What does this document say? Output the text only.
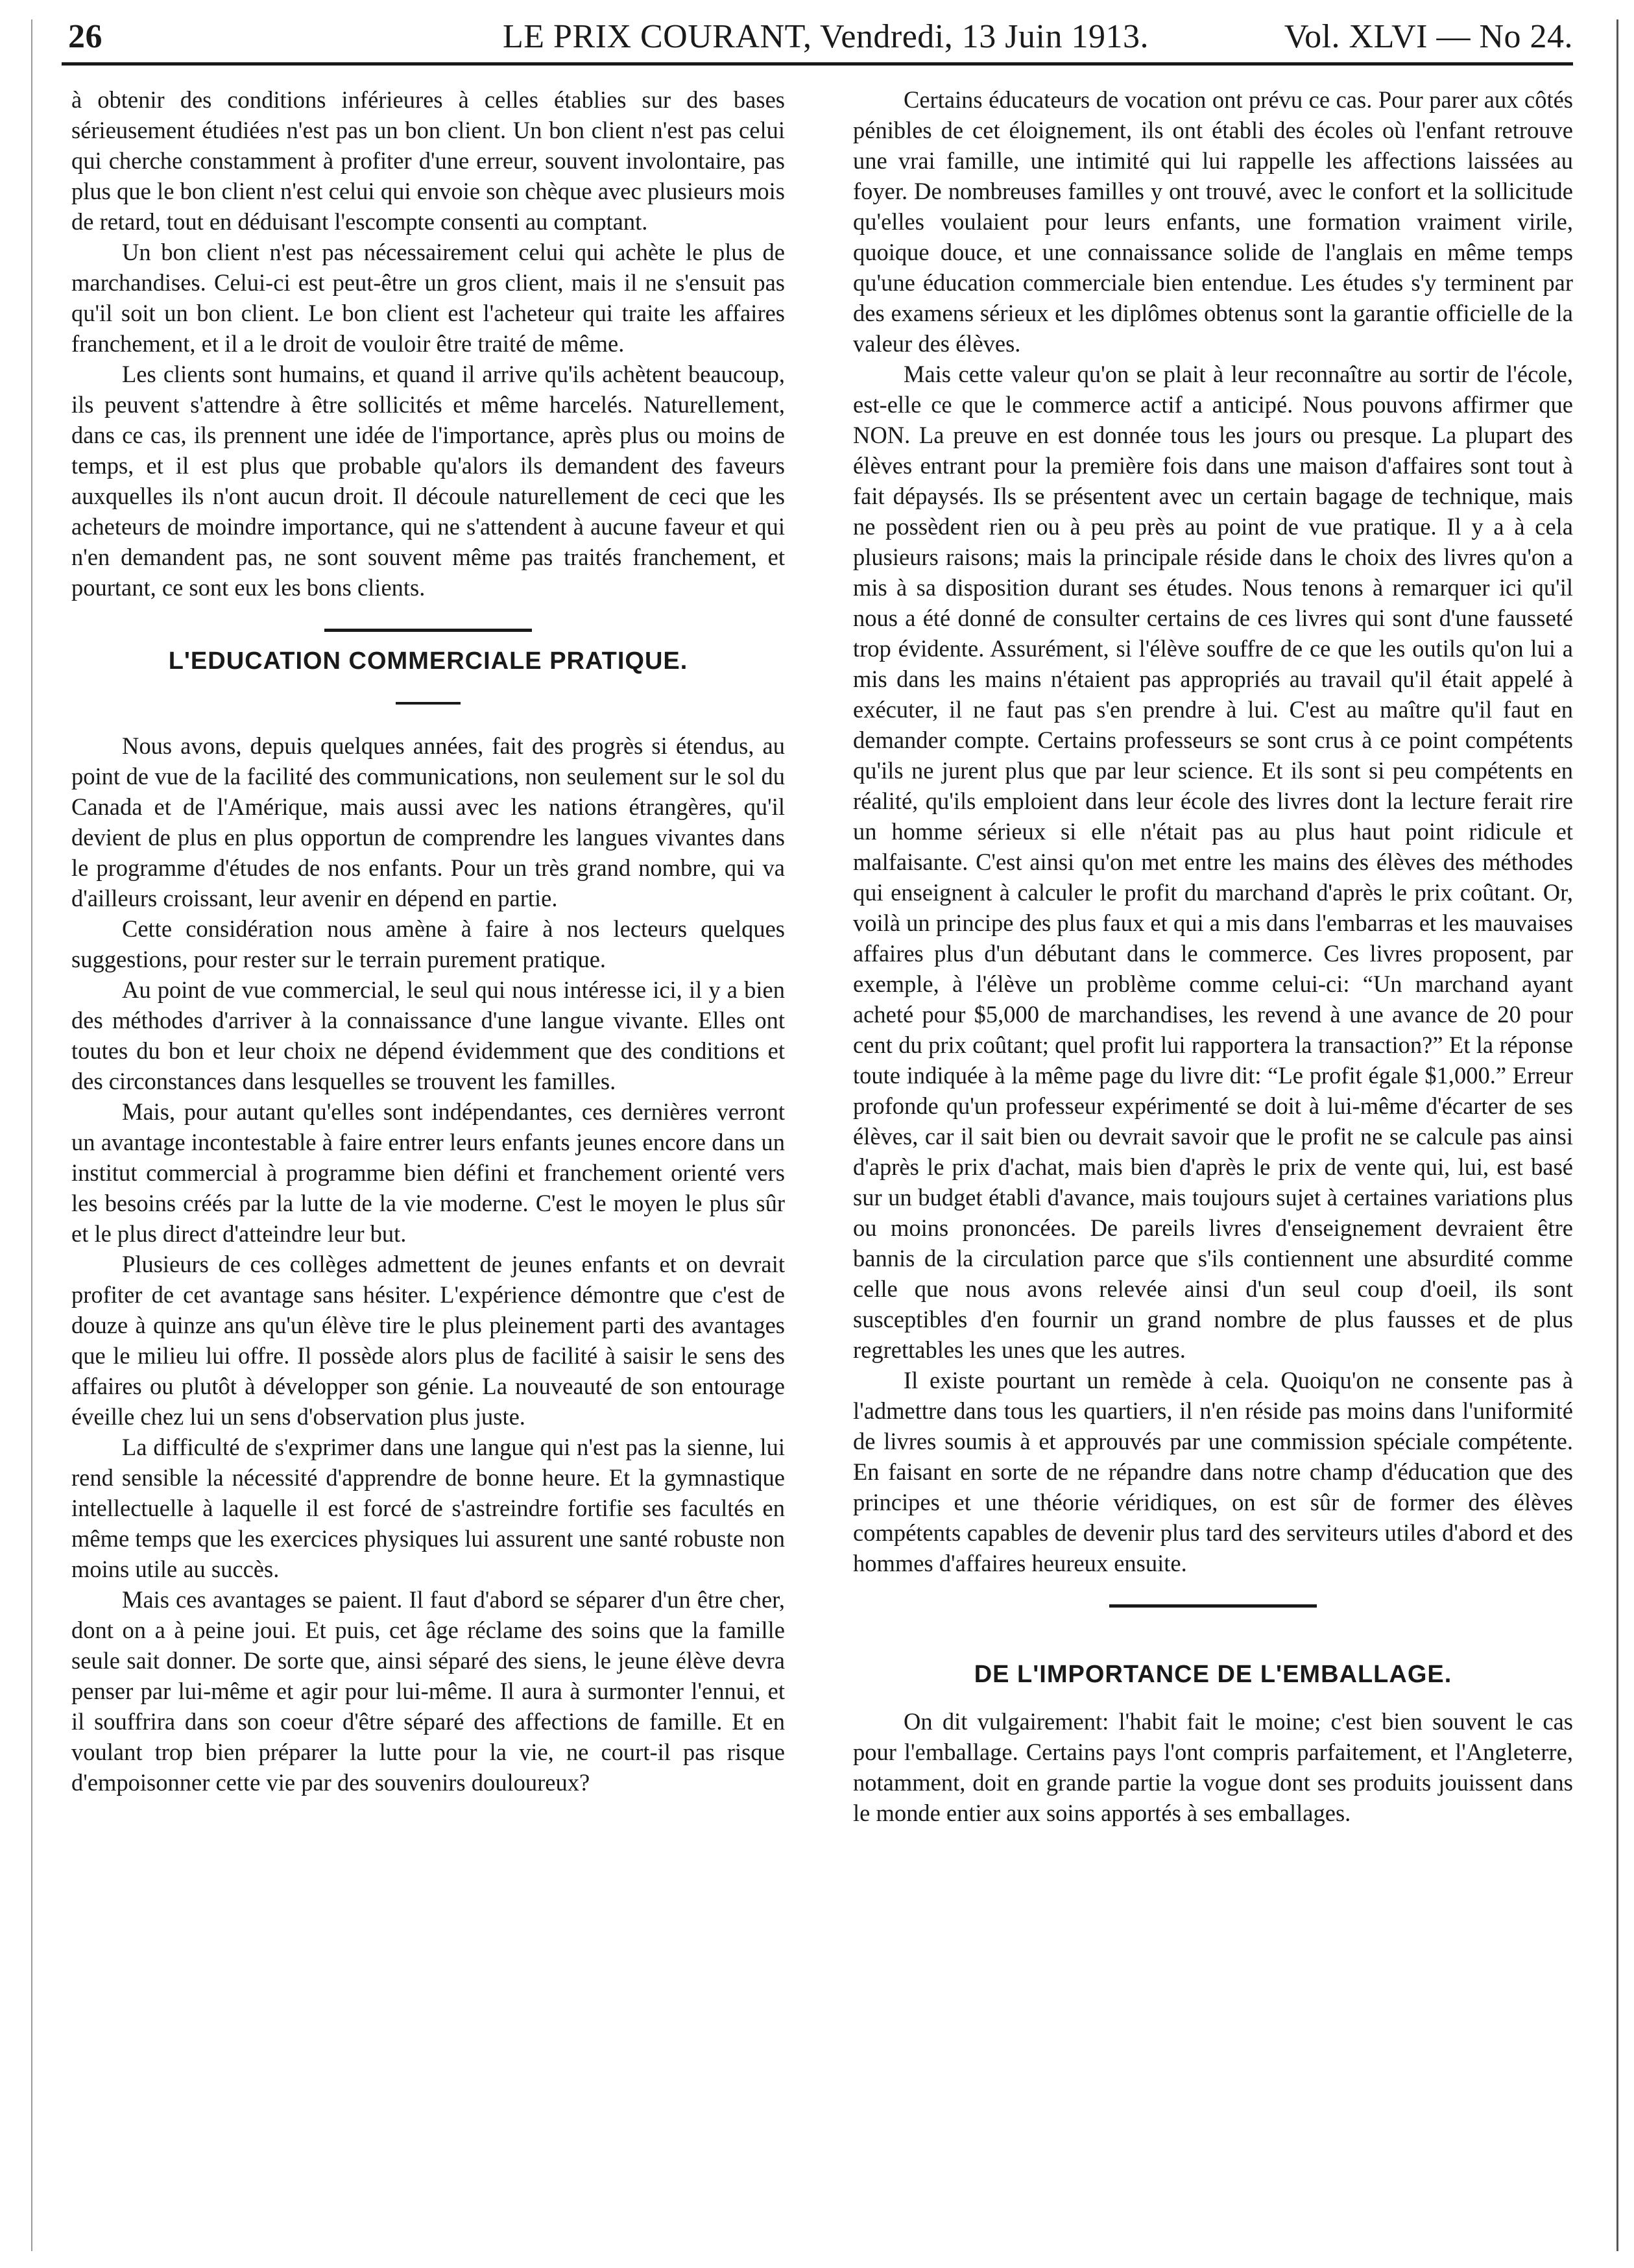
26	LE PRIX COURANT, Vendredi, 13 Juin 1913.	Vol. XLVI — No 24.

à obtenir des conditions inférieures à celles établies sur des bases sérieusement étudiées n'est pas un bon client. Un bon client n'est pas celui qui cherche constamment à profiter d'une erreur, souvent involontaire, pas plus que le bon client n'est celui qui envoie son chèque avec plusieurs mois de retard, tout en déduisant l'escompte consenti au comptant.

Un bon client n'est pas nécessairement celui qui achète le plus de marchandises. Celui-ci est peut-être un gros client, mais il ne s'ensuit pas qu'il soit un bon client. Le bon client est l'acheteur qui traite les affaires franchement, et il a le droit de vouloir être traité de même.

Les clients sont humains, et quand il arrive qu'ils achètent beaucoup, ils peuvent s'attendre à être sollicités et même harcelés. Naturellement, dans ce cas, ils prennent une idée de l'importance, après plus ou moins de temps, et il est plus que probable qu'alors ils demandent des faveurs auxquelles ils n'ont aucun droit. Il découle naturellement de ceci que les acheteurs de moindre importance, qui ne s'attendent à aucune faveur et qui n'en demandent pas, ne sont souvent même pas traités franchement, et pourtant, ce sont eux les bons clients.

L'EDUCATION COMMERCIALE PRATIQUE.

Nous avons, depuis quelques années, fait des progrès si étendus, au point de vue de la facilité des communications, non seulement sur le sol du Canada et de l'Amérique, mais aussi avec les nations étrangères, qu'il devient de plus en plus opportun de comprendre les langues vivantes dans le programme d'études de nos enfants. Pour un très grand nombre, qui va d'ailleurs croissant, leur avenir en dépend en partie.

Cette considération nous amène à faire à nos lecteurs quelques suggestions, pour rester sur le terrain purement pratique.

Au point de vue commercial, le seul qui nous intéresse ici, il y a bien des méthodes d'arriver à la connaissance d'une langue vivante. Elles ont toutes du bon et leur choix ne dépend évidemment que des conditions et des circonstances dans lesquelles se trouvent les familles.

Mais, pour autant qu'elles sont indépendantes, ces dernières verront un avantage incontestable à faire entrer leurs enfants jeunes encore dans un institut commercial à programme bien défini et franchement orienté vers les besoins créés par la lutte de la vie moderne. C'est le moyen le plus sûr et le plus direct d'atteindre leur but.

Plusieurs de ces collèges admettent de jeunes enfants et on devrait profiter de cet avantage sans hésiter. L'expérience démontre que c'est de douze à quinze ans qu'un élève tire le plus pleinement parti des avantages que le milieu lui offre. Il possède alors plus de facilité à saisir le sens des affaires ou plutôt à développer son génie. La nouveauté de son entourage éveille chez lui un sens d'observation plus juste.

La difficulté de s'exprimer dans une langue qui n'est pas la sienne, lui rend sensible la nécessité d'apprendre de bonne heure. Et la gymnastique intellectuelle à laquelle il est forcé de s'astreindre fortifie ses facultés en même temps que les exercices physiques lui assurent une santé robuste non moins utile au succès.

Mais ces avantages se paient. Il faut d'abord se séparer d'un être cher, dont on a à peine joui. Et puis, cet âge réclame des soins que la famille seule sait donner. De sorte que, ainsi séparé des siens, le jeune élève devra penser par lui-même et agir pour lui-même. Il aura à surmonter l'ennui, et il souffrira dans son coeur d'être séparé des affections de famille. Et en voulant trop bien préparer la lutte pour la vie, ne court-il pas risque d'empoisonner cette vie par des souvenirs douloureux?

Certains éducateurs de vocation ont prévu ce cas. Pour parer aux côtés pénibles de cet éloignement, ils ont établi des écoles où l'enfant retrouve une vrai famille, une intimité qui lui rappelle les affections laissées au foyer. De nombreuses familles y ont trouvé, avec le confort et la sollicitude qu'elles voulaient pour leurs enfants, une formation vraiment virile, quoique douce, et une connaissance solide de l'anglais en même temps qu'une éducation commerciale bien entendue. Les études s'y terminent par des examens sérieux et les diplômes obtenus sont la garantie officielle de la valeur des élèves.

Mais cette valeur qu'on se plait à leur reconnaître au sortir de l'école, est-elle ce que le commerce actif a anticipé. Nous pouvons affirmer que NON. La preuve en est donnée tous les jours ou presque. La plupart des élèves entrant pour la première fois dans une maison d'affaires sont tout à fait dépaysés. Ils se présentent avec un certain bagage de technique, mais ne possèdent rien ou à peu près au point de vue pratique. Il y a à cela plusieurs raisons; mais la principale réside dans le choix des livres qu'on a mis à sa disposition durant ses études. Nous tenons à remarquer ici qu'il nous a été donné de consulter certains de ces livres qui sont d'une fausseté trop évidente. Assurément, si l'élève souffre de ce que les outils qu'on lui a mis dans les mains n'étaient pas appropriés au travail qu'il était appelé à exécuter, il ne faut pas s'en prendre à lui. C'est au maître qu'il faut en demander compte. Certains professeurs se sont crus à ce point compétents qu'ils ne jurent plus que par leur science. Et ils sont si peu compétents en réalité, qu'ils emploient dans leur école des livres dont la lecture ferait rire un homme sérieux si elle n'était pas au plus haut point ridicule et malfaisante. C'est ainsi qu'on met entre les mains des élèves des méthodes qui enseignent à calculer le profit du marchand d'après le prix coûtant. Or, voilà un principe des plus faux et qui a mis dans l'embarras et les mauvaises affaires plus d'un débutant dans le commerce. Ces livres proposent, par exemple, à l'élève un problème comme celui-ci: “Un marchand ayant acheté pour $5,000 de marchandises, les revend à une avance de 20 pour cent du prix coûtant; quel profit lui rapportera la transaction?” Et la réponse toute indiquée à la même page du livre dit: “Le profit égale $1,000.” Erreur profonde qu'un professeur expérimenté se doit à lui-même d'écarter de ses élèves, car il sait bien ou devrait savoir que le profit ne se calcule pas ainsi d'après le prix d'achat, mais bien d'après le prix de vente qui, lui, est basé sur un budget établi d'avance, mais toujours sujet à certaines variations plus ou moins prononcées. De pareils livres d'enseignement devraient être bannis de la circulation parce que s'ils contiennent une absurdité comme celle que nous avons relevée ainsi d'un seul coup d'oeil, ils sont susceptibles d'en fournir un grand nombre de plus fausses et de plus regrettables les unes que les autres.

Il existe pourtant un remède à cela. Quoiqu'on ne consente pas à l'admettre dans tous les quartiers, il n'en réside pas moins dans l'uniformité de livres soumis à et approuvés par une commission spéciale compétente. En faisant en sorte de ne répandre dans notre champ d'éducation que des principes et une théorie véridiques, on est sûr de former des élèves compétents capables de devenir plus tard des serviteurs utiles d'abord et des hommes d'affaires heureux ensuite.

DE L'IMPORTANCE DE L'EMBALLAGE.

On dit vulgairement: l'habit fait le moine; c'est bien souvent le cas pour l'emballage. Certains pays l'ont compris parfaitement, et l'Angleterre, notamment, doit en grande partie la vogue dont ses produits jouissent dans le monde entier aux soins apportés à ses emballages.
